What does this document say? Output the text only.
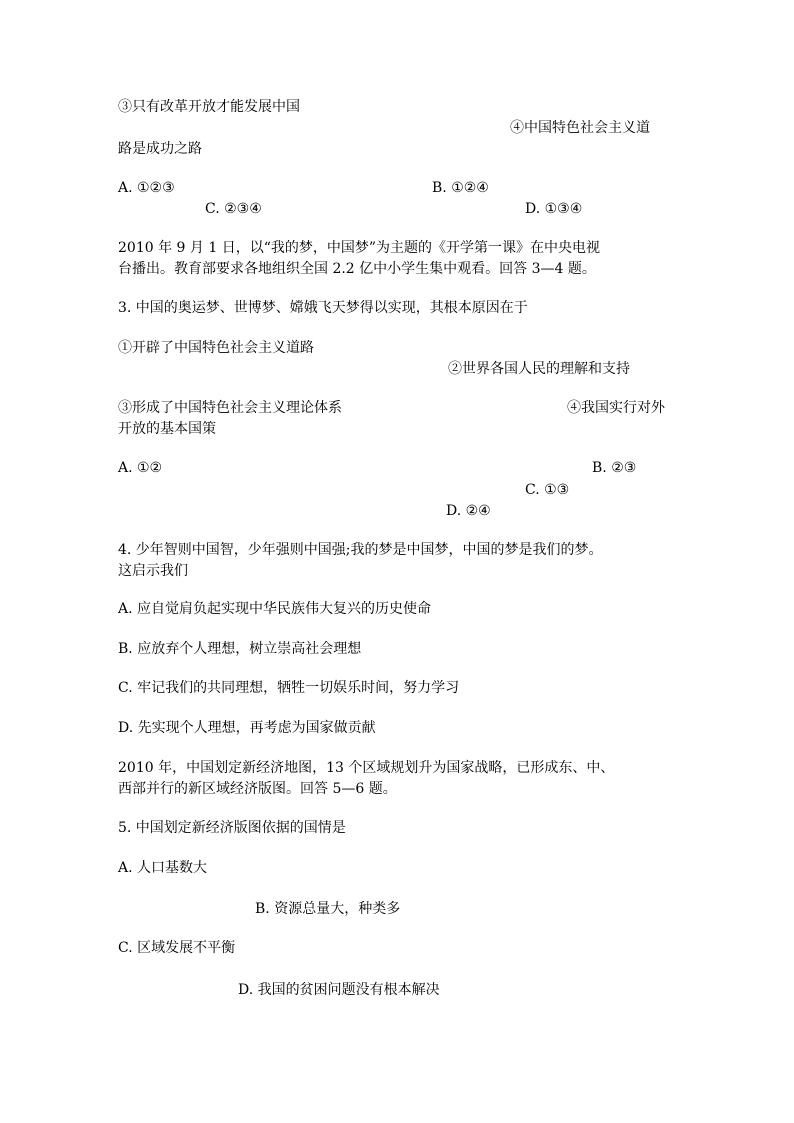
③只有改革开放才能发展中国
④中国特色社会主义道
路是成功之路
A. ①②③	B. ①②④
C. ②③④	D. ①③④
2010 年 9 月 1 日，以“我的梦，中国梦”为主题的《开学第一课》在中央电视
台播出。教育部要求各地组织全国 2.2 亿中小学生集中观看。回答 3—4 题。
3. 中国的奥运梦、世博梦、嫦娥飞天梦得以实现，其根本原因在于
①开辟了中国特色社会主义道路
②世界各国人民的理解和支持
③形成了中国特色社会主义理论体系	④我国实行对外
开放的基本国策
A. ①②	B. ②③
C. ①③
D. ②④
4. 少年智则中国智，少年强则中国强;我的梦是中国梦，中国的梦是我们的梦。
这启示我们
A. 应自觉肩负起实现中华民族伟大复兴的历史使命
B. 应放弃个人理想，树立崇高社会理想
C. 牢记我们的共同理想，牺牲一切娱乐时间，努力学习
D. 先实现个人理想，再考虑为国家做贡献
2010 年，中国划定新经济地图，13 个区域规划升为国家战略，已形成东、中、
西部并行的新区域经济版图。回答 5—6 题。
5. 中国划定新经济版图依据的国情是
A. 人口基数大
B. 资源总量大，种类多
C. 区域发展不平衡
D. 我国的贫困问题没有根本解决
